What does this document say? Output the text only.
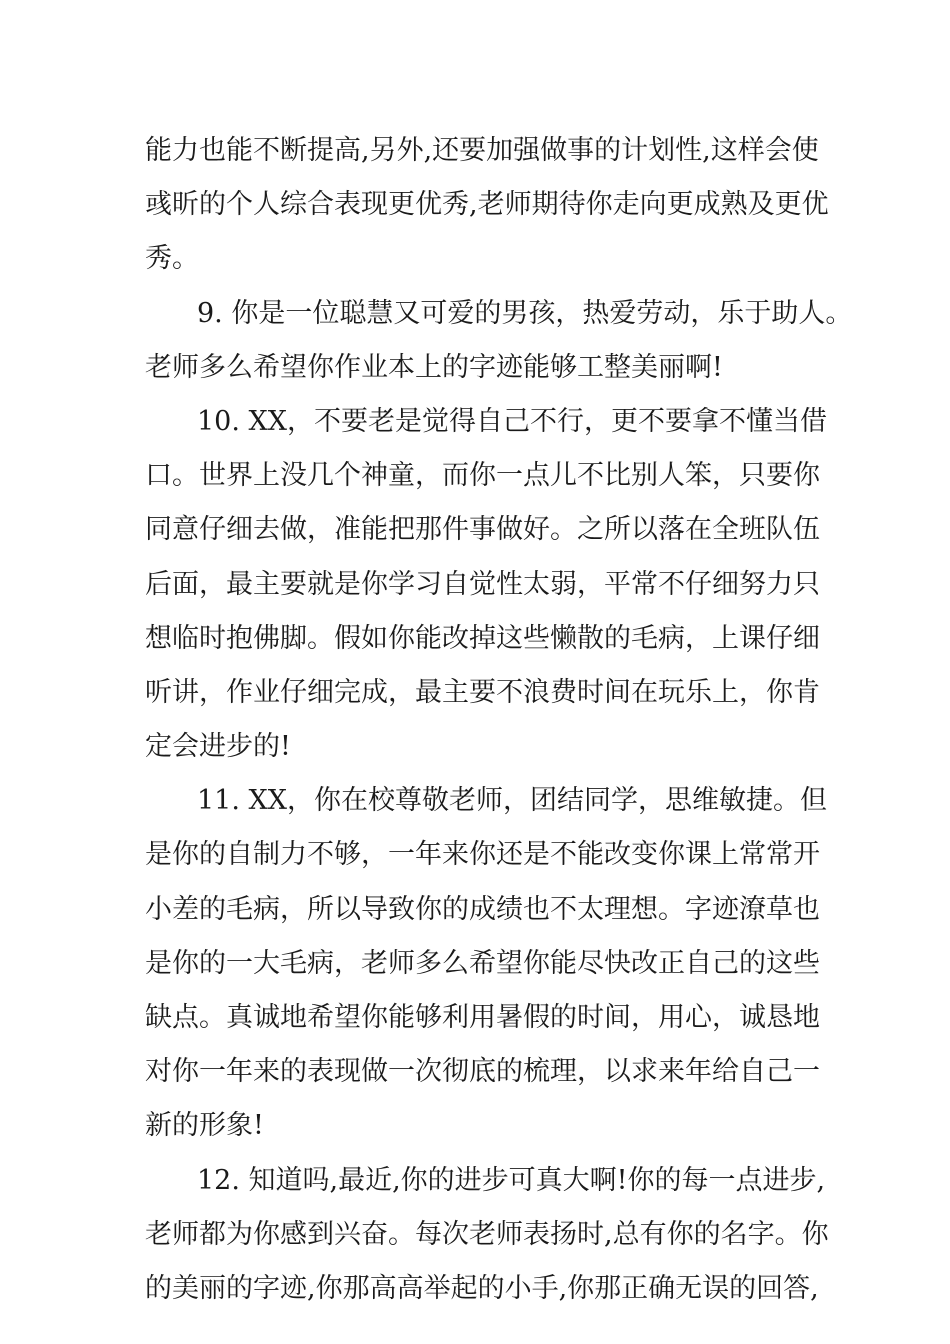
能力也能不断提高,另外,还要加强做事的计划性,这样会使
彧昕的个人综合表现更优秀,老师期待你走向更成熟及更优
秀。
9. 你是一位聪慧又可爱的男孩，热爱劳动，乐于助人。
老师多么希望你作业本上的字迹能够工整美丽啊!
10. XX，不要老是觉得自己不行，更不要拿不懂当借
口。世界上没几个神童，而你一点儿不比别人笨，只要你
同意仔细去做，准能把那件事做好。之所以落在全班队伍
后面，最主要就是你学习自觉性太弱，平常不仔细努力只
想临时抱佛脚。假如你能改掉这些懒散的毛病，上课仔细
听讲，作业仔细完成，最主要不浪费时间在玩乐上，你肯
定会进步的!
11. XX，你在校尊敬老师，团结同学，思维敏捷。但
是你的自制力不够，一年来你还是不能改变你课上常常开
小差的毛病，所以导致你的成绩也不太理想。字迹潦草也
是你的一大毛病，老师多么希望你能尽快改正自己的这些
缺点。真诚地希望你能够利用暑假的时间，用心，诚恳地
对你一年来的表现做一次彻底的梳理，以求来年给自己一
新的形象!
12. 知道吗,最近,你的进步可真大啊!你的每一点进步,
老师都为你感到兴奋。每次老师表扬时,总有你的名字。你
的美丽的字迹,你那高高举起的小手,你那正确无误的回答,
